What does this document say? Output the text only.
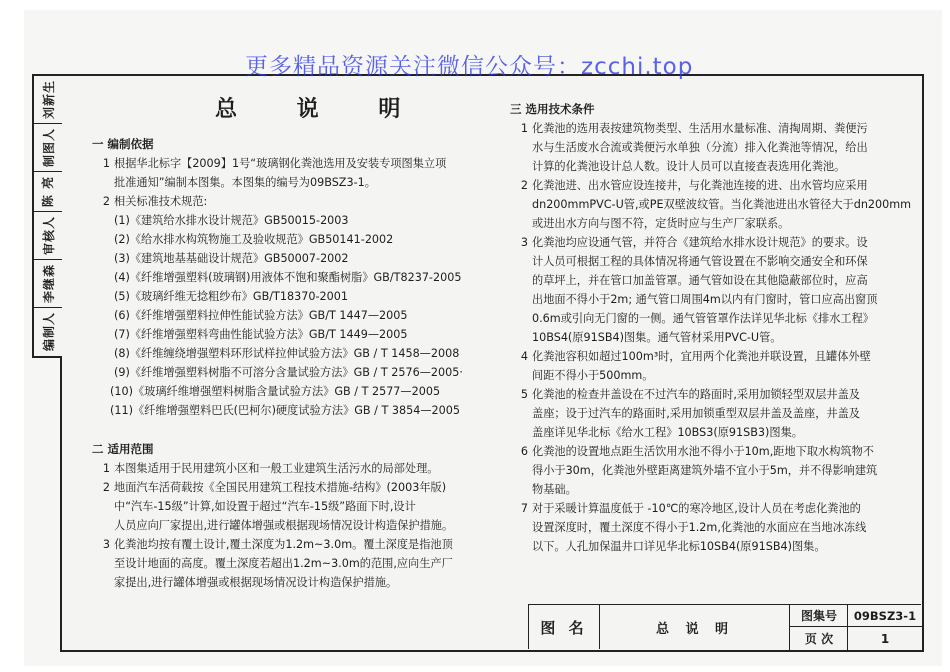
编制人
李继森
审核人
陈 亮
制图人
刘新生
更多精品资源关注微信公众号：zcchi.top
总 说 明
一 编制依据
1 根据华北标字【2009】1号“玻璃钢化粪池选用及安装专项图集立项
批准通知”编制本图集。本图集的编号为09BSZ3-1。
2 相关标准技术规范:
(1)《建筑给水排水设计规范》GB50015-2003
(2)《给水排水构筑物施工及验收规范》GB50141-2002
(3)《建筑地基基础设计规范》GB50007-2002
(4)《纤维增强塑料(玻璃钢)用液体不饱和聚酯树脂》GB/T8237-2005
(5)《玻璃纤维无捻粗纱布》GB/T18370-2001
(6)《纤维增强塑料拉伸性能试验方法》GB/T 1447—2005
(7)《纤维增强塑料弯曲性能试验方法》GB/T 1449—2005
(8)《纤维缠绕增强塑料环形试样拉伸试验方法》GB / T 1458—2008
(9)《纤维增强塑料树脂不可溶分含量试验方法》GB / T 2576—2005·
(10)《玻璃纤维增强塑料树脂含量试验方法》GB / T 2577—2005
(11)《纤维增强塑料巴氏(巴柯尔)硬度试验方法》GB / T 3854—2005
二 适用范围
1 本图集适用于民用建筑小区和一般工业建筑生活污水的局部处理。
2 地面汽车活荷载按《全国民用建筑工程技术措施-结构》(2003年版)
中“汽车-15级”计算,如设置于超过“汽车-15级”路面下时,设计
人员应向厂家提出,进行罐体增强或根据现场情况设计构造保护措施。
3 化粪池均按有覆土设计,覆土深度为1.2m~3.0m。覆土深度是指池顶
至设计地面的高度。覆土深度若超出1.2m~3.0m的范围,应向生产厂
家提出,进行罐体增强或根据现场情况设计构造保护措施。
三 选用技术条件
1 化粪池的选用表按建筑物类型、生活用水量标准、清掏周期、粪便污
水与生活废水合流或粪便污水单独（分流）排入化粪池等情况，给出
计算的化粪池设计总人数。设计人员可以直接查表选用化粪池。
2 化粪池进、出水管应设连接井，与化粪池连接的进、出水管均应采用
dn200mmPVC-U管,或PE双壁波纹管。当化粪池进出水管径大于dn200mm
或进出水方向与图不符，定货时应与生产厂家联系。
3 化粪池均应设通气管，并符合《建筑给水排水设计规范》的要求。设
计人员可根据工程的具体情况将通气管设置在不影响交通安全和环保
的草坪上，并在管口加盖管罩。通气管如设在其他隐蔽部位时，应高
出地面不得小于2m; 通气管口周围4m以内有门窗时，管口应高出窗顶
0.6m或引向无门窗的一侧。通气管管罩作法详见华北标《排水工程》
10BS4(原91SB4)图集。通气管材采用PVC-U管。
4 化粪池容积如超过100m³时，宜用两个化粪池并联设置，且罐体外壁
间距不得小于500mm。
5 化粪池的检查井盖设在不过汽车的路面时,采用加锁轻型双层井盖及
盖座；设于过汽车的路面时,采用加锁重型双层井盖及盖座，井盖及
盖座详见华北标《给水工程》10BS3(原91SB3)图集。
6 化粪池的设置地点距生活饮用水池不得小于10m,距地下取水构筑物不
得小于30m，化粪池外壁距离建筑外墙不宜小于5m，并不得影响建筑
物基础。
7 对于采暖计算温度低于 -10℃的寒冷地区,设计人员在考虑化粪池的
设置深度时，覆土深度不得小于1.2m,化粪池的水面应在当地冰冻线
以下。人孔加保温井口详见华北标10SB4(原91SB4)图集。
图 名	总 说 明
图集号	09BSZ3-1
页 次	1
